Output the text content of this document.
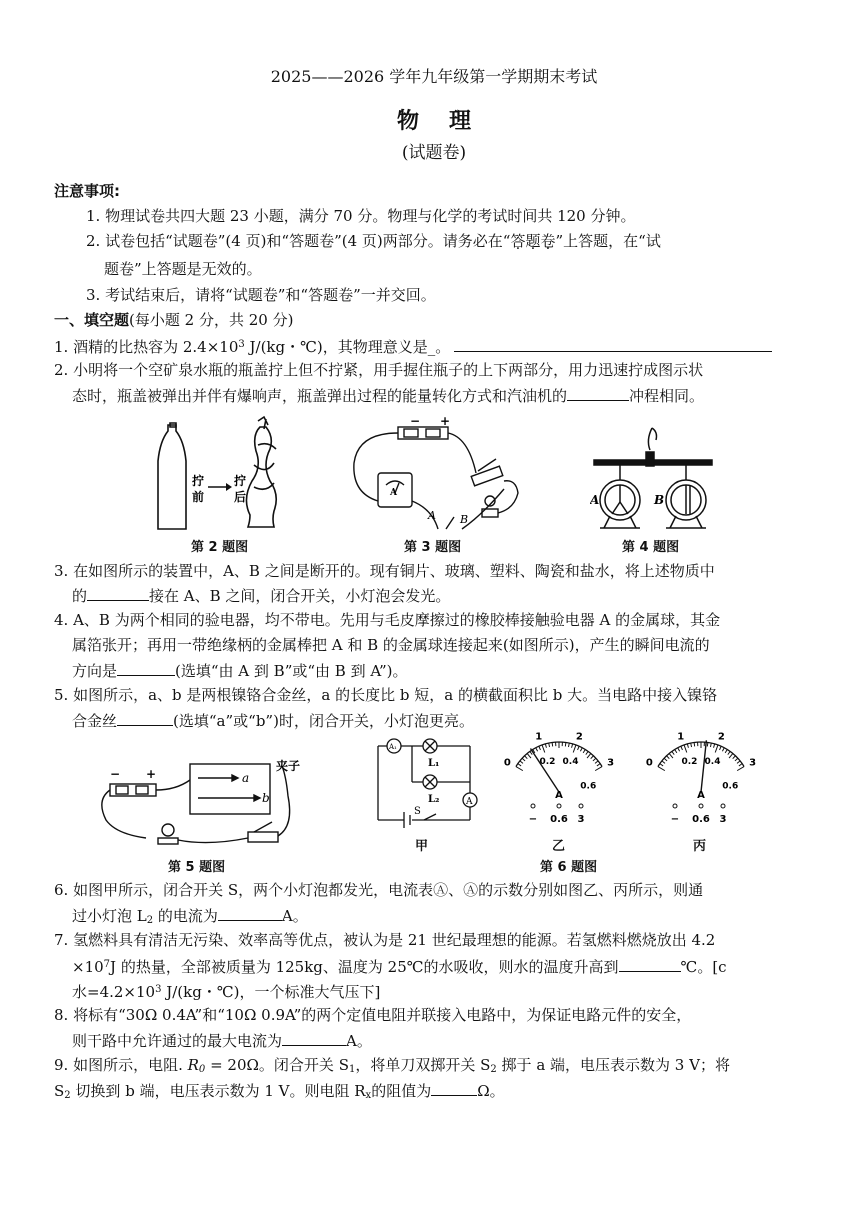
2025——2026 学年九年级第一学期期末考试
物理
(试题卷)
注意事项:
1. 物理试卷共四大题 23 小题，满分 70 分。物理与化学的考试时间共 120 分钟。
2. 试卷包括“试题卷”(4 页)和“答题卷”(4 页)两部分。请务必在“答题卷”上答题，在“试
题卷”上答题是无效的。
3. 考试结束后，请将“试题卷”和“答题卷”一并交回。
一、填空题(每小题 2 分，共 20 分)
1. 酒精的比热容为 $2.4\times 10^3$ J/(kg・℃)，其物理意义是_。
2. 小明将一个空矿泉水瓶的瓶盖拧上但不拧紧，用手握住瓶子的上下两部分，用力迅速拧成图示状
态时，瓶盖被弹出并伴有爆响声，瓶盖弹出过程的能量转化方式和汽油机的	冲程相同。
拧
前
拧
后
第 2 题图
− +
A
A B
第 3 题图
A	B
第 4 题图
3. 在如图所示的装置中，A、B 之间是断开的。现有铜片、玻璃、塑料、陶瓷和盐水，将上述物质中
的	接在 A、B 之间，闭合开关，小灯泡会发光。
4. A、B 为两个相同的验电器，均不带电。先用与毛皮摩擦过的橡胶棒接触验电器 A 的金属球，其金
属箔张开；再用一带绝缘柄的金属棒把 A 和 B 的金属球连接起来(如图所示)，产生的瞬间电流的
方向是	(选填“由 A 到 B”或“由 B 到 A”)。
5. 如图所示，a、b 是两根镍铬合金丝，a 的长度比 b 短，a 的横截面积比 b 大。当电路中接入镍铬
合金丝	(选填“a”或“b”)时，闭合开关，小灯泡更亮。
− +	a
b
夹子
第 5 题图
A₁
A
L₁
L₂
S
甲
0
1
0.2
2
0.4	3
0.6
A
− 0.6 3
乙
0
1
0.2
2
0.4	3
0.6
A
− 0.6 3
丙
第 6 题图
6. 如图甲所示，闭合开关 S，两个小灯泡都发光，电流表Ⓐ、Ⓐ的示数分别如图乙、丙所示，则通
过小灯泡 $L_2$ 的电流为	A。
7. 氢燃料具有清洁无污染、效率高等优点，被认为是 21 世纪最理想的能源。若氢燃料燃烧放出 4.2
$\times 10^7J$ 的热量，全部被质量为 125kg、温度为 25℃的水吸收，则水的温度升高到	℃。[c
水$=4.2\times 10^3$ J/(kg・℃)，一个标准大气压下]
8. 将标有“30Ω 0.4A”和“10Ω 0.9A”的两个定值电阻并联接入电路中，为保证电路元件的安全，
则干路中允许通过的最大电流为	A。
9. 如图所示，电阻. $R_0 = 20\Omega$。闭合开关 $S_1$，将单刀双掷开关 $S_2$ 掷于 a 端，电压表示数为 3 V；将
$S_2$ 切换到 b 端，电压表示数为 1 V。则电阻 $R_x$的阻值为	Ω。
